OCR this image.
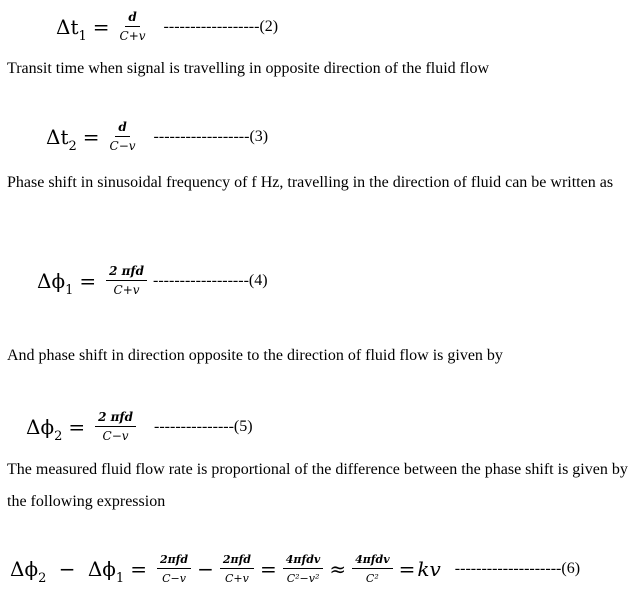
$\Delta t_1 = \frac{d}{C+v} ------------------(2)$
Transit time when signal is travelling in opposite direction of the fluid flow
$\Delta t_2 = \frac{d}{C-v} ------------------(3)$
Phase shift in sinusoidal frequency of f Hz, travelling in the direction of fluid can be written as
$\Delta\phi_1 = \frac{\text{2 πfd}}{C+v} ------------------(4)$
And phase shift in direction opposite to the direction of fluid flow is given by
$\Delta\phi_2 = \frac{\text{2 πfd}}{C-v} ---------------(5)$
The measured fluid flow rate is proportional of the difference between the phase shift is given by the following expression
$\Delta\phi_2 - \Delta\phi_1 = \frac{\text{2πfd}}{C-v} - \frac{\text{2πfd}}{C+v} = \frac{\text{4πfdv}}{\text{C²−v²}} \approx \frac{\text{4πfdv}}{\text{C²}}$ = kv --------------------(6)
